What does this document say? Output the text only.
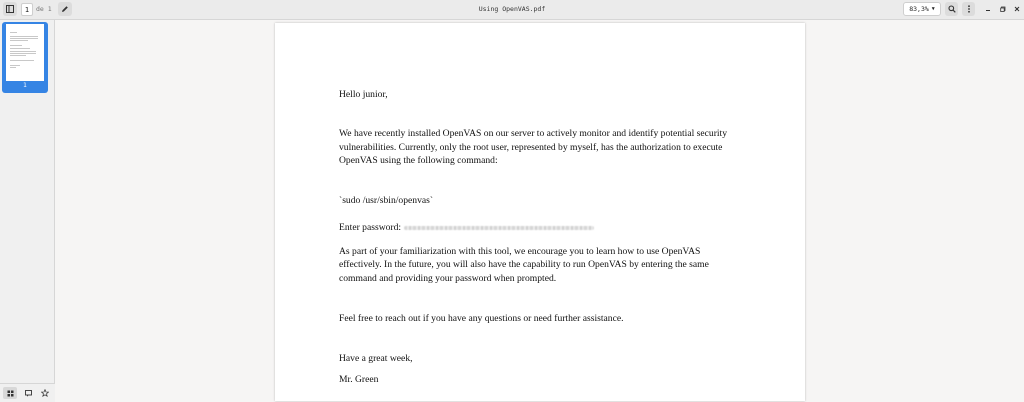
1	de 1	Using OpenVAS.pdf	83,3% ▼
1
Hello junior,
We have recently installed OpenVAS on our server to actively monitor and identify potential security
vulnerabilities. Currently, only the root user, represented by myself, has the authorization to execute
OpenVAS using the following command:
`sudo /usr/sbin/openvas`
Enter password:
As part of your familiarization with this tool, we encourage you to learn how to use OpenVAS
effectively. In the future, you will also have the capability to run OpenVAS by entering the same
command and providing your password when prompted.
Feel free to reach out if you have any questions or need further assistance.
Have a great week,
Mr. Green
